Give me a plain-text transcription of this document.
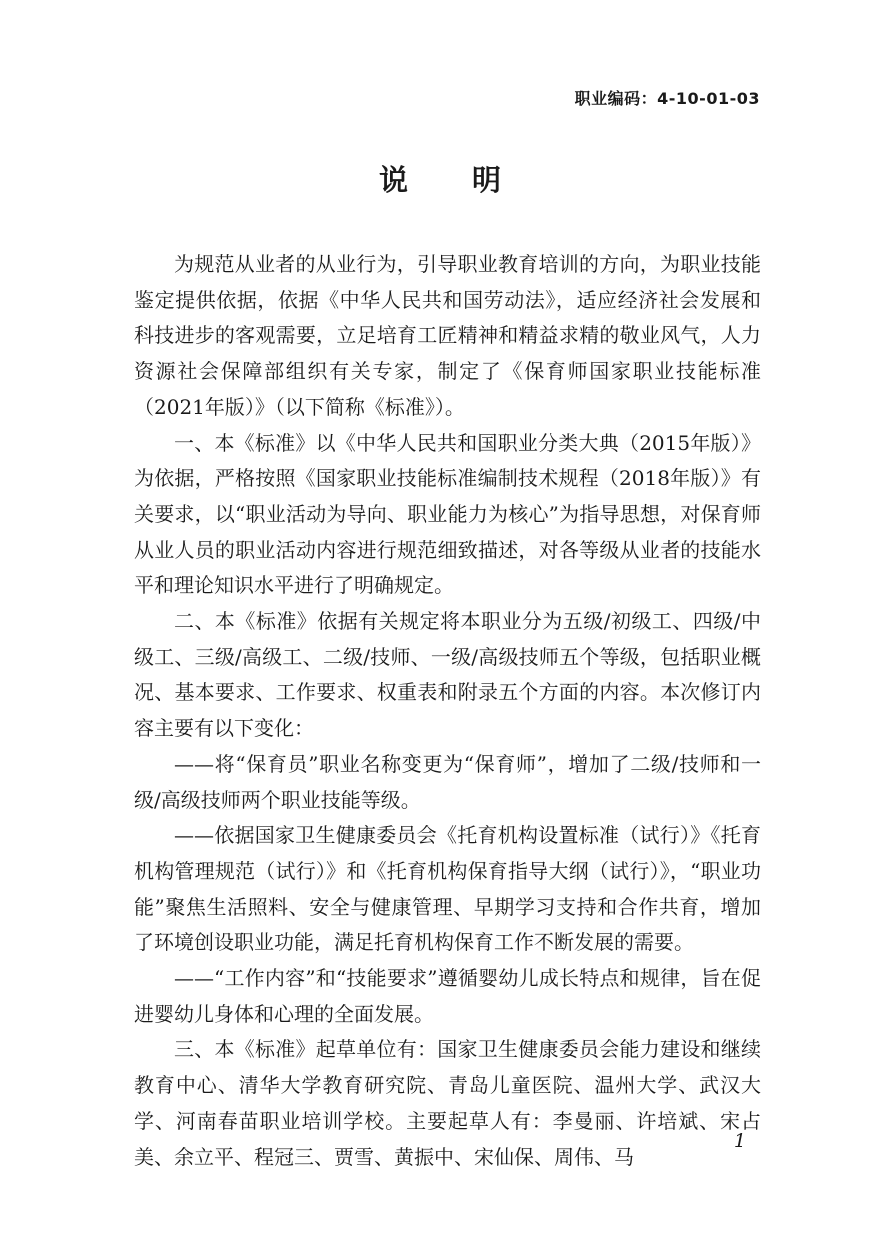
职业编码：4-10-01-03
说明

为规范从业者的从业行为，引导职业教育培训的方向，为职业技能鉴定提供依据，依据《中华人民共和国劳动法》，适应经济社会发展和科技进步的客观需要，立足培育工匠精神和精益求精的敬业风气，人力资源社会保障部组织有关专家，制定了《保育师国家职业技能标准（2021年版）》（以下简称《标准》）。

一、本《标准》以《中华人民共和国职业分类大典（2015年版）》为依据，严格按照《国家职业技能标准编制技术规程（2018年版）》有关要求，以“职业活动为导向、职业能力为核心”为指导思想，对保育师从业人员的职业活动内容进行规范细致描述，对各等级从业者的技能水平和理论知识水平进行了明确规定。

二、本《标准》依据有关规定将本职业分为五级/初级工、四级/中级工、三级/高级工、二级/技师、一级/高级技师五个等级，包括职业概况、基本要求、工作要求、权重表和附录五个方面的内容。本次修订内容主要有以下变化：

——将“保育员”职业名称变更为“保育师”，增加了二级/技师和一级/高级技师两个职业技能等级。

——依据国家卫生健康委员会《托育机构设置标准（试行）》《托育机构管理规范（试行）》和《托育机构保育指导大纲（试行）》，“职业功能”聚焦生活照料、安全与健康管理、早期学习支持和合作共育，增加了环境创设职业功能，满足托育机构保育工作不断发展的需要。

——“工作内容”和“技能要求”遵循婴幼儿成长特点和规律，旨在促进婴幼儿身体和心理的全面发展。

三、本《标准》起草单位有：国家卫生健康委员会能力建设和继续教育中心、清华大学教育研究院、青岛儿童医院、温州大学、武汉大学、河南春苗职业培训学校。主要起草人有：李曼丽、许培斌、宋占美、余立平、程冠三、贾雪、黄振中、宋仙保、周伟、马

1
